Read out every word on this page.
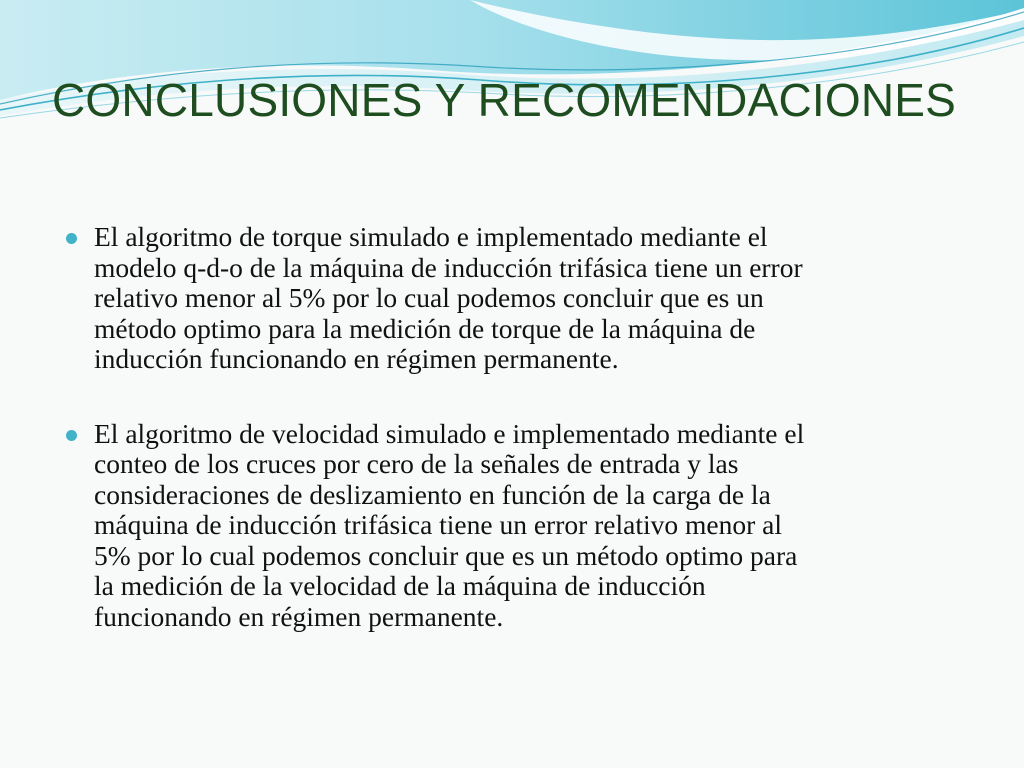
CONCLUSIONES Y RECOMENDACIONES
El algoritmo de torque simulado e implementado mediante el
modelo q-d-o de la máquina de inducción trifásica tiene un error
relativo menor al 5% por lo cual podemos concluir que es un
método optimo para la medición de torque de la máquina de
inducción funcionando en régimen permanente.
El algoritmo de velocidad simulado e implementado mediante el
conteo de los cruces por cero de la señales de entrada y las
consideraciones de deslizamiento en función de la carga de la
máquina de inducción trifásica tiene un error relativo menor al
5% por lo cual podemos concluir que es un método optimo para
la medición de la velocidad de la máquina de inducción
funcionando en régimen permanente.
